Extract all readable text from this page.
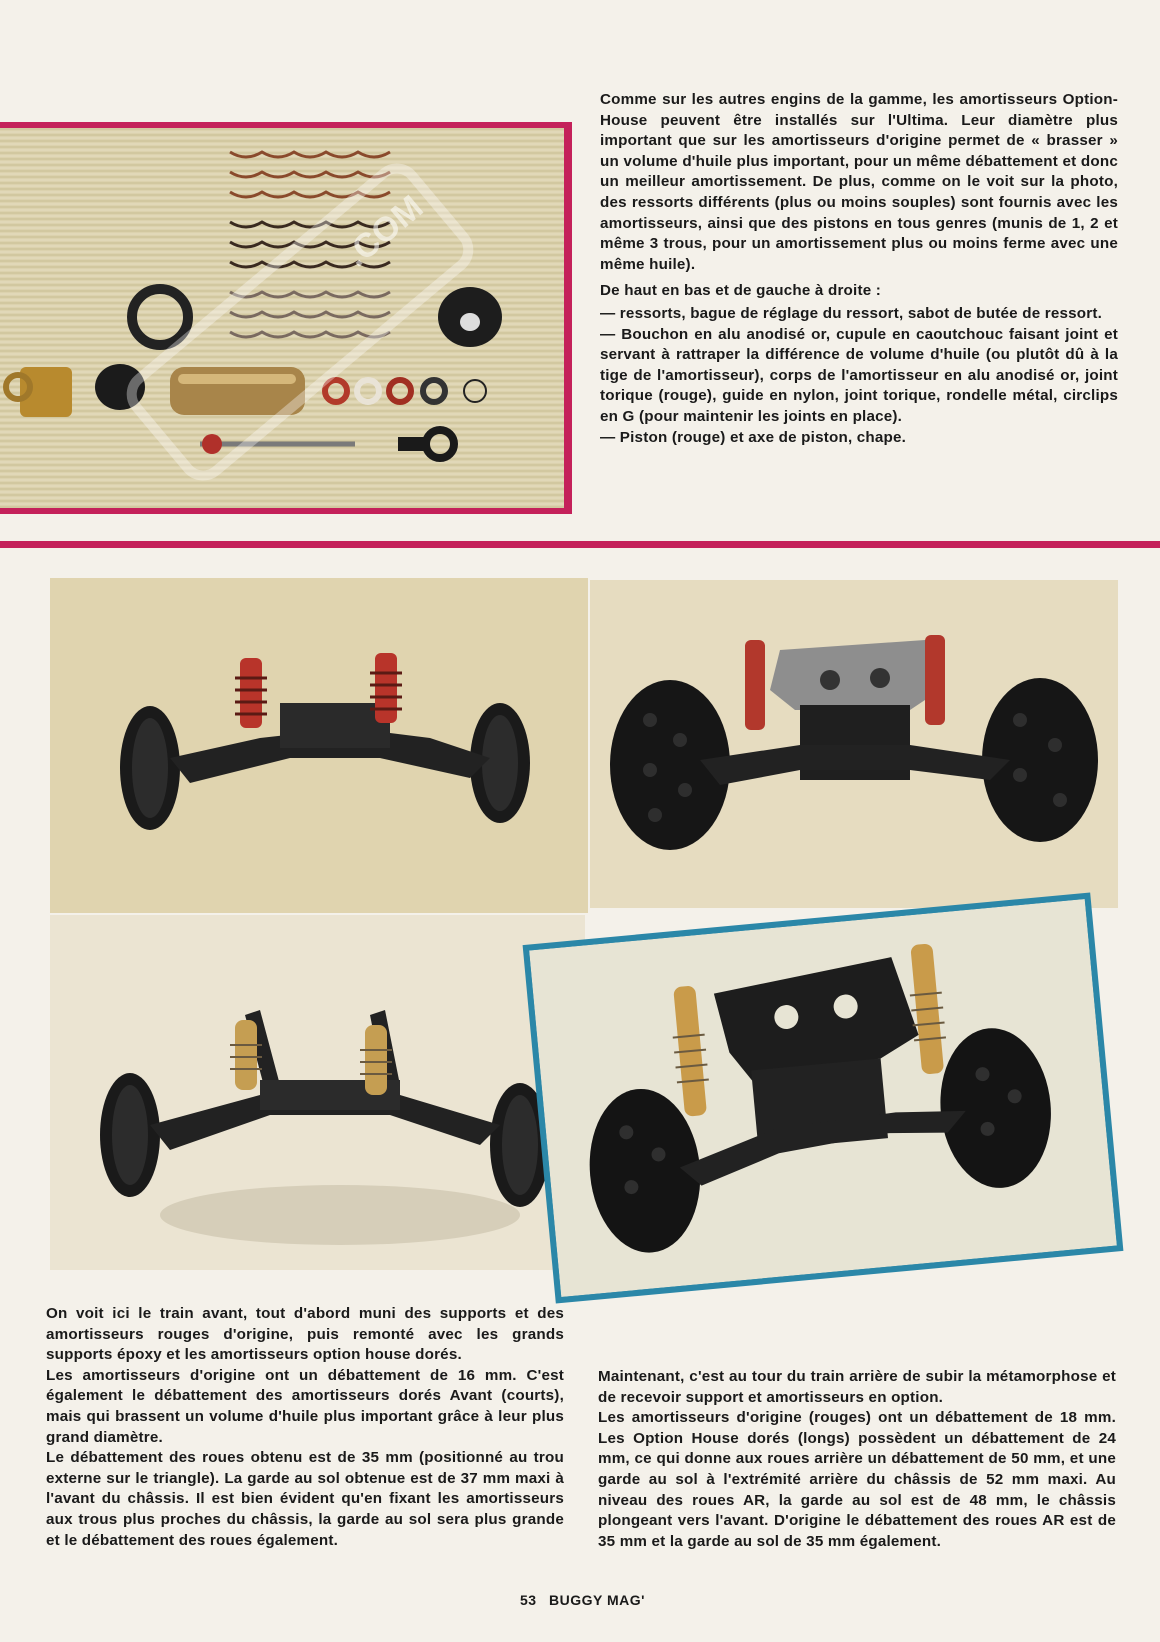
.COM

Comme sur les autres engins de la gamme, les amortisseurs Option-House peuvent être installés sur l'Ultima. Leur diamètre plus important que sur les amortisseurs d'origine permet de « brasser » un volume d'huile plus important, pour un même débattement et donc un meilleur amortissement. De plus, comme on le voit sur la photo, des ressorts différents (plus ou moins souples) sont fournis avec les amortisseurs, ainsi que des pistons en tous genres (munis de 1, 2 et même 3 trous, pour un amortissement plus ou moins ferme avec une même huile).

De haut en bas et de gauche à droite :

— ressorts, bague de réglage du ressort, sabot de butée de ressort.

— Bouchon en alu anodisé or, cupule en caoutchouc faisant joint et servant à rattraper la différence de volume d'huile (ou plutôt dû à la tige de l'amortisseur), corps de l'amortisseur en alu anodisé or, joint torique (rouge), guide en nylon, joint torique, rondelle métal, circlips en G (pour maintenir les joints en place).

— Piston (rouge) et axe de piston, chape.

On voit ici le train avant, tout d'abord muni des supports et des amortisseurs rouges d'origine, puis remonté avec les grands supports époxy et les amortisseurs option house dorés.

Les amortisseurs d'origine ont un débattement de 16 mm. C'est également le débattement des amortisseurs dorés Avant (courts), mais qui brassent un volume d'huile plus important grâce à leur plus grand diamètre.

Le débattement des roues obtenu est de 35 mm (positionné au trou externe sur le triangle). La garde au sol obtenue est de 37 mm maxi à l'avant du châssis. Il est bien évident qu'en fixant les amortisseurs aux trous plus proches du châssis, la garde au sol sera plus grande et le débattement des roues également.

Maintenant, c'est au tour du train arrière de subir la métamorphose et de recevoir support et amortisseurs en option.

Les amortisseurs d'origine (rouges) ont un débattement de 18 mm. Les Option House dorés (longs) possèdent un débattement de 24 mm, ce qui donne aux roues arrière un débattement de 50 mm, et une garde au sol à l'extrémité arrière du châssis de 52 mm maxi. Au niveau des roues AR, la garde au sol est de 48 mm, le châssis plongeant vers l'avant. D'origine le débattement des roues AR est de 35 mm et la garde au sol de 35 mm également.

53 BUGGY MAG'
